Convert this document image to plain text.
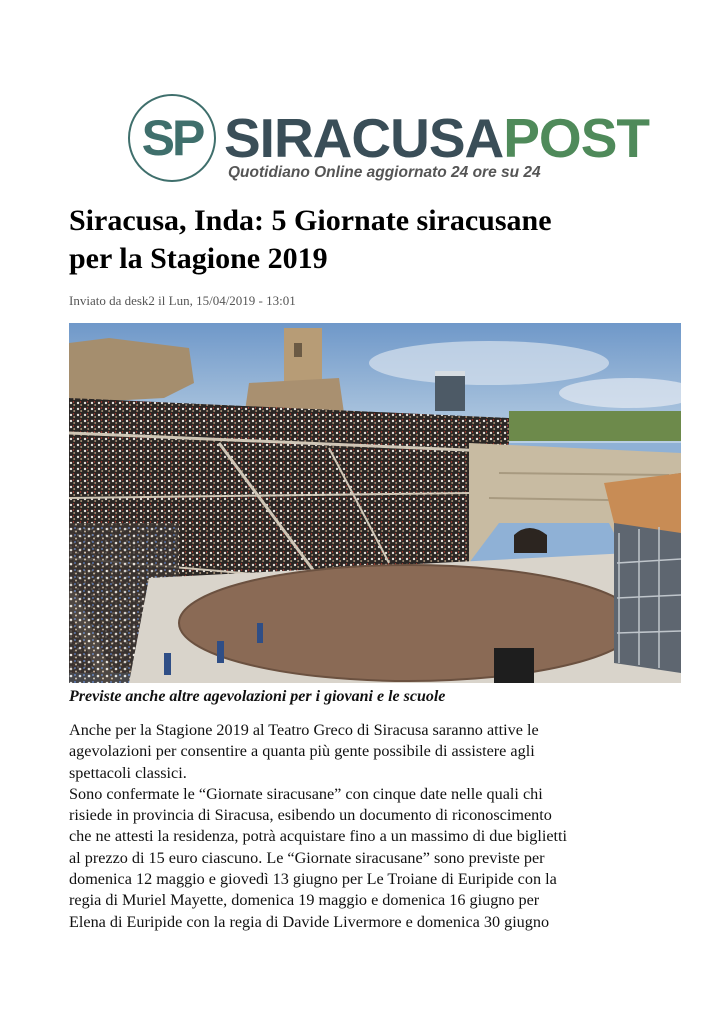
SP SIRACUSAPOST
Quotidiano Online aggiornato 24 ore su 24
Siracusa, Inda: 5 Giornate siracusane
per la Stagione 2019
Inviato da desk2 il Lun, 15/04/2019 - 13:01

Previste anche altre agevolazioni per i giovani e le scuole

Anche per la Stagione 2019 al Teatro Greco di Siracusa saranno attive le
agevolazioni per consentire a quanta più gente possibile di assistere agli
spettacoli classici.

Sono confermate le “Giornate siracusane” con cinque date nelle quali chi
risiede in provincia di Siracusa, esibendo un documento di riconoscimento
che ne attesti la residenza, potrà acquistare fino a un massimo di due biglietti
al prezzo di 15 euro ciascuno. Le “Giornate siracusane” sono previste per
domenica 12 maggio e giovedì 13 giugno per Le Troiane di Euripide con la
regia di Muriel Mayette, domenica 19 maggio e domenica 16 giugno per
Elena di Euripide con la regia di Davide Livermore e domenica 30 giugno
